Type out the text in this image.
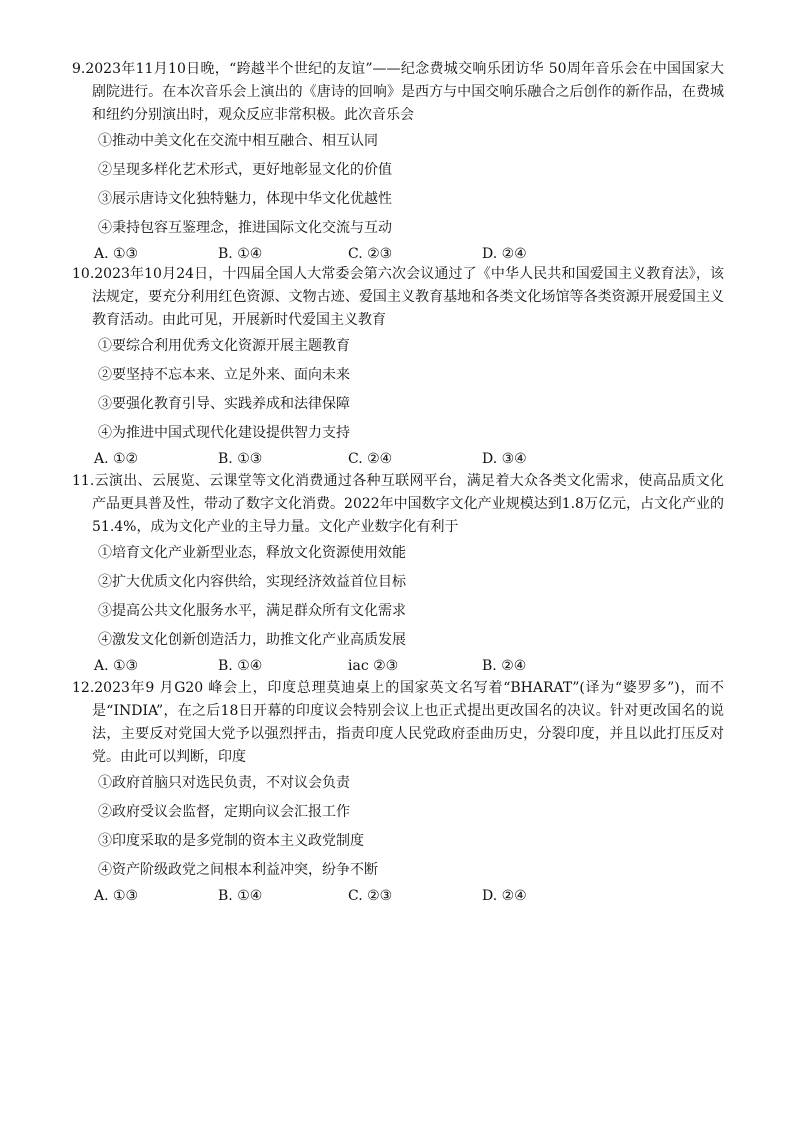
9.2023年11月10日晚，“跨越半个世纪的友谊”——纪念费城交响乐团访华 50周年音乐会在中国国家大剧院进行。在本次音乐会上演出的《唐诗的回响》是西方与中国交响乐融合之后创作的新作品，在费城和纽约分别演出时，观众反应非常积极。此次音乐会

①推动中美文化在交流中相互融合、相互认同

②呈现多样化艺术形式，更好地彰显文化的价值

③展示唐诗文化独特魅力，体现中华文化优越性

④秉持包容互鉴理念，推进国际文化交流与互动

A. ①③	B. ①④	C. ②③	D. ②④

10.2023年10月24日，十四届全国人大常委会第六次会议通过了《中华人民共和国爱国主义教育法》，该法规定，要充分利用红色资源、文物古迹、爱国主义教育基地和各类文化场馆等各类资源开展爱国主义教育活动。由此可见，开展新时代爱国主义教育

①要综合利用优秀文化资源开展主题教育

②要坚持不忘本来、立足外来、面向未来

③要强化教育引导、实践养成和法律保障

④为推进中国式现代化建设提供智力支持

A. ①②	B. ①③	C. ②④	D. ③④

11.云演出、云展览、云课堂等文化消费通过各种互联网平台，满足着大众各类文化需求，使高品质文化产品更具普及性，带动了数字文化消费。2022年中国数字文化产业规模达到1.8万亿元，占文化产业的 51.4%，成为文化产业的主导力量。文化产业数字化有利于

①培育文化产业新型业态，释放文化资源使用效能

②扩大优质文化内容供给，实现经济效益首位目标

③提高公共文化服务水平，满足群众所有文化需求

④激发文化创新创造活力，助推文化产业高质发展

A. ①③	B. ①④	iac ②③	B. ②④

12.2023年9 月G20 峰会上，印度总理莫迪桌上的国家英文名写着“BHARAT”(译为“婆罗多”)，而不是“INDIA”，在之后18日开幕的印度议会特别会议上也正式提出更改国名的决议。针对更改国名的说法，主要反对党国大党予以强烈抨击，指责印度人民党政府歪曲历史，分裂印度，并且以此打压反对党。由此可以判断，印度

①政府首脑只对选民负责，不对议会负责

②政府受议会监督，定期向议会汇报工作

③印度采取的是多党制的资本主义政党制度

④资产阶级政党之间根本利益冲突，纷争不断

A. ①③	B. ①④	C. ②③	D. ②④
